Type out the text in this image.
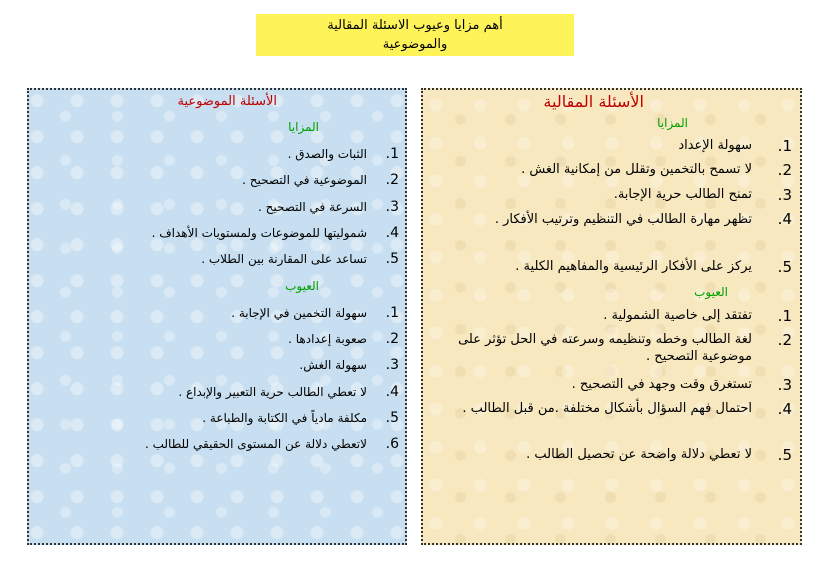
أهم مزايا وعيوب الاسئلة المقالية
والموضوعية
الأسئلة المقالية
المزايا
1.
سهولة الإعداد
2.
لا تسمح بالتخمين وتقلل من إمكانية الغش .
3.
تمنح الطالب حرية الإجابة.
4.
تظهر مهارة الطالب في التنظيم وترتيب الأفكار .
5.
يركز على الأفكار الرئيسية والمفاهيم الكلية .
العيوب
1.
تفتقد إلى خاصية الشمولية .
2.
لغة الطالب وخطه وتنظيمه وسرعته في الحل تؤثر على موضوعية التصحيح .
3.
تستغرق وقت وجهد في التصحيح .
4.
احتمال فهم السؤال بأشكال مختلفة .من قبل الطالب .
5.
لا تعطي دلالة واضحة عن تحصيل الطالب .
الأسئلة الموضوعية
المزايا
1.
الثبات والصدق .
2.
الموضوعية في التصحيح .
3.
السرعة في التصحيح .
4.
شموليتها للموضوعات ولمستويات الأهداف .
5.
تساعد على المقارنة بين الطلاب .
العيوب
1.
سهولة التخمين في الإجابة .
2.
صعوبة إعدادها .
3.
سهولة الغش.
4.
لا تعطي الطالب حرية التعبير والإبداع .
5.
مكلفة مادياً في الكتابة والطباعة .
6.
لاتعطي دلالة عن المستوى الحقيقي للطالب .
